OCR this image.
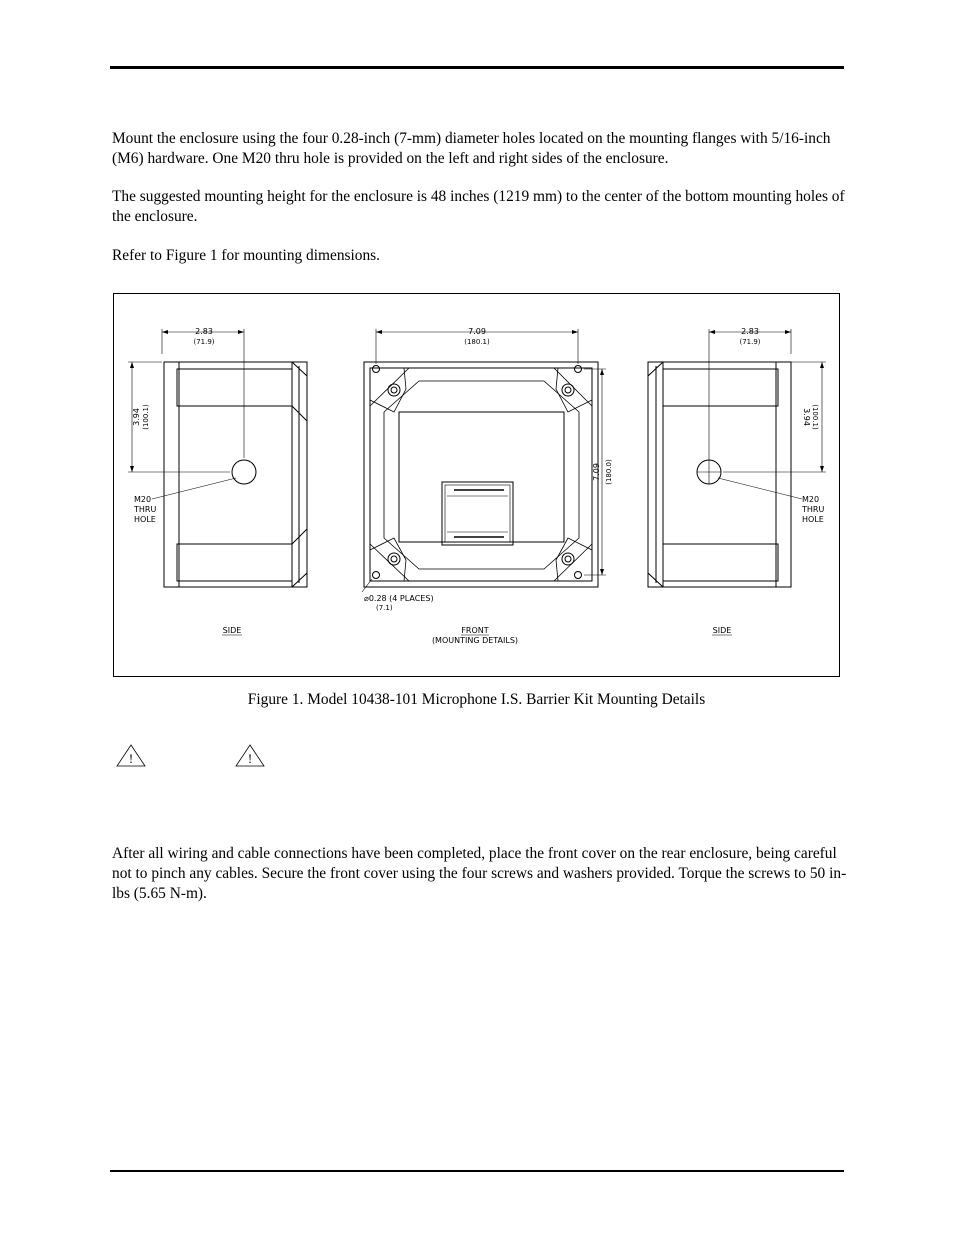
Mount the enclosure using the four 0.28-inch (7-mm) diameter holes located on the mounting flanges with 5/16-inch (M6) hardware. One M20 thru hole is provided on the left and right sides of the enclosure.

The suggested mounting height for the enclosure is 48 inches (1219 mm) to the center of the bottom mounting holes of the enclosure.

Refer to Figure 1 for mounting dimensions.

2.83
(71.9)
3.94 (100.1)
M20
THRU
HOLE
SIDE
7.09
(180.1)
7.09 (180.0)
⌀0.28 (4 PLACES)
(7.1)
FRONT
(MOUNTING DETAILS)
2.83
(71.9)
3.94 (100.1)
M20
THRU
HOLE
SIDE
Figure 1. Model 10438-101 Microphone I.S. Barrier Kit Mounting Details
!	!

After all wiring and cable connections have been completed, place the front cover on the rear enclosure, being careful not to pinch any cables. Secure the front cover using the four screws and washers provided. Torque the screws to 50 in-lbs (5.65 N-m).
